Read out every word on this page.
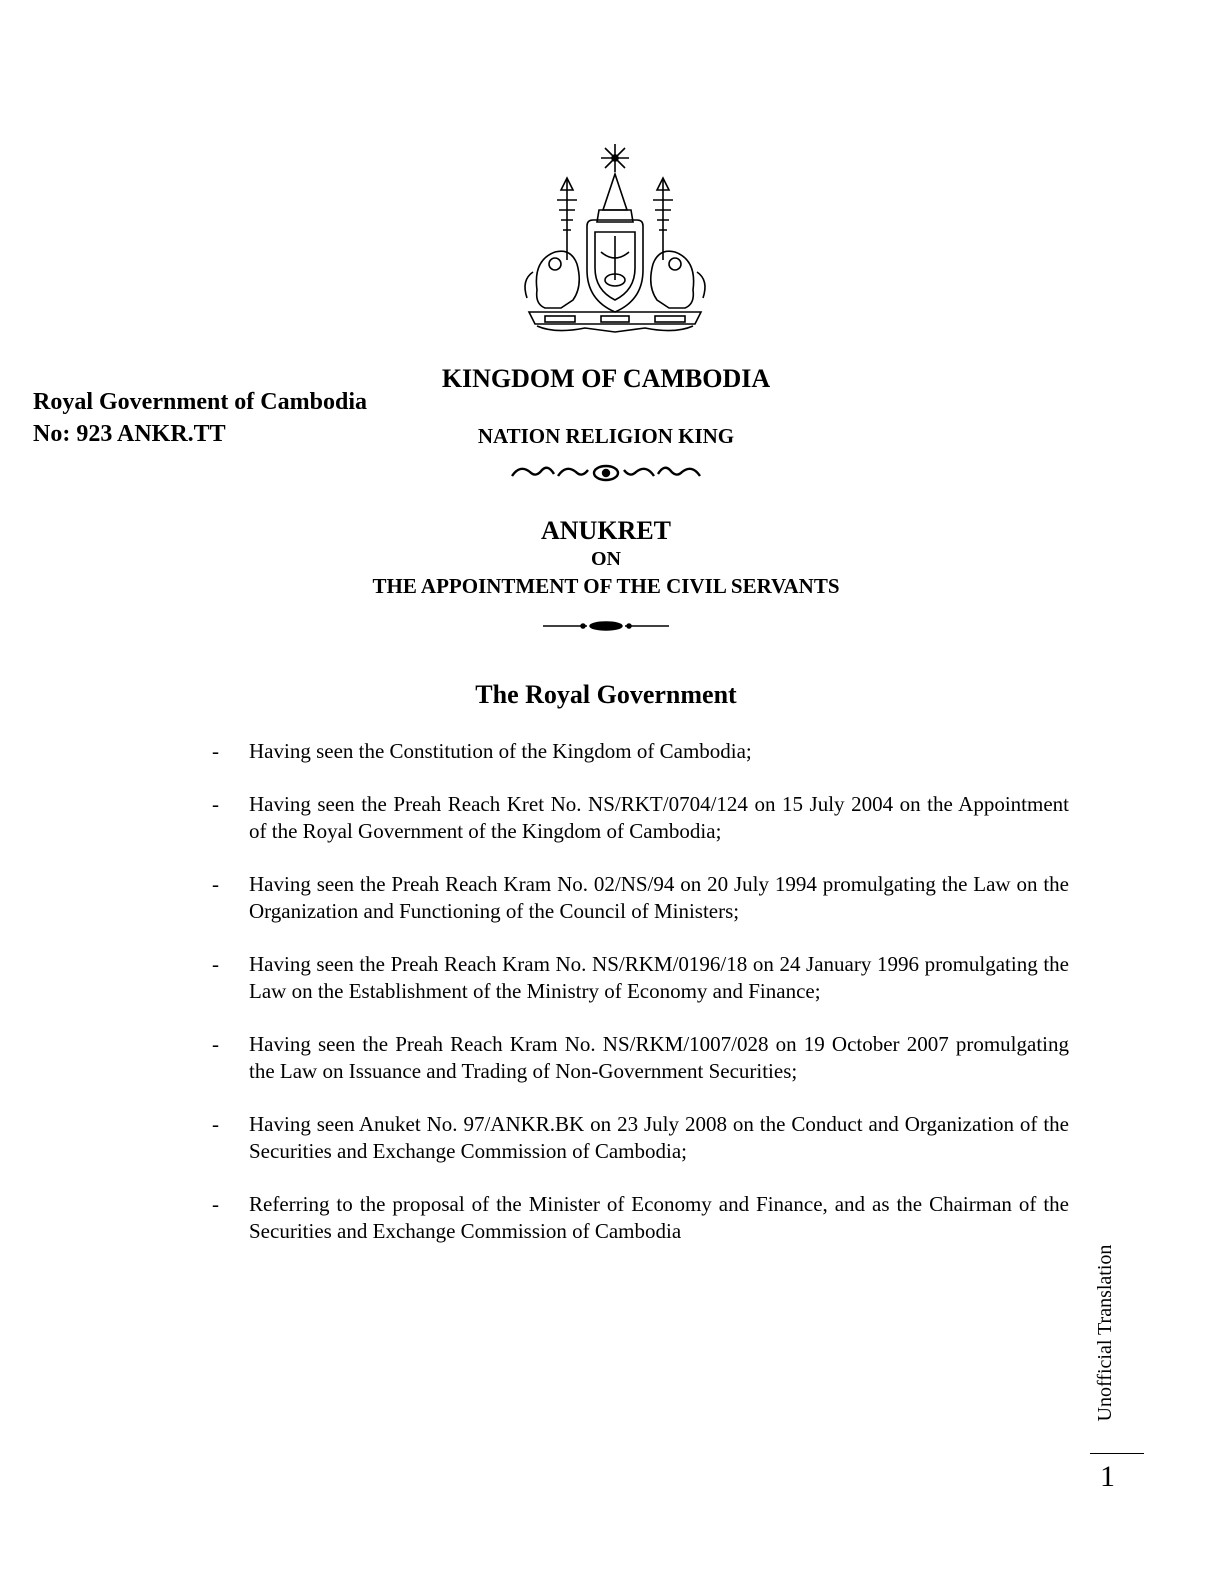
Royal Government of Cambodia
No: 923 ANKR.TT
KINGDOM OF CAMBODIA
NATION RELIGION KING
ANUKRET
ON
THE APPOINTMENT OF THE CIVIL SERVANTS
The Royal Government
-	Having seen the Constitution of the Kingdom of Cambodia;
-	Having seen the Preah Reach Kret No. NS/RKT/0704/124 on 15 July 2004 on the Appointment of the Royal Government of the Kingdom of Cambodia;
-	Having seen the Preah Reach Kram No. 02/NS/94 on 20 July 1994 promulgating the Law on the Organization and Functioning of the Council of Ministers;
-	Having seen the Preah Reach Kram No. NS/RKM/0196/18 on 24 January 1996 promulgating the Law on the Establishment of the Ministry of Economy and Finance;
-	Having seen the Preah Reach Kram No. NS/RKM/1007/028 on 19 October 2007 promulgating the Law on Issuance and Trading of Non-Government Securities;
-	Having seen Anuket No. 97/ANKR.BK on 23 July 2008 on the Conduct and Organization of the Securities and Exchange Commission of Cambodia;
-	Referring to the proposal of the Minister of Economy and Finance, and as the Chairman of the Securities and Exchange Commission of Cambodia
Unofficial Translation
1
